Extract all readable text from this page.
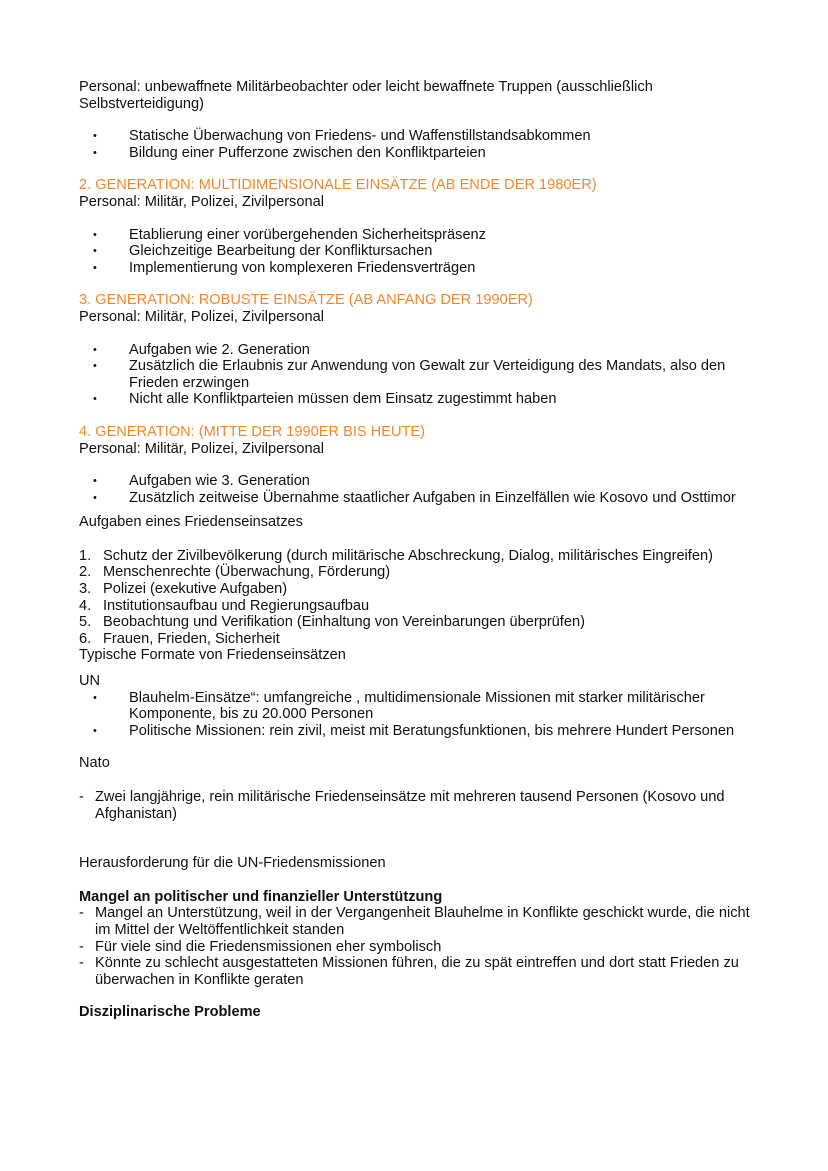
Personal: unbewaffnete Militärbeobachter oder leicht bewaffnete Truppen (ausschließlich Selbstverteidigung)

• Statische Überwachung von Friedens- und Waffenstillstandsabkommen
• Bildung einer Pufferzone zwischen den Konfliktparteien

2. GENERATION: MULTIDIMENSIONALE EINSÄTZE (AB ENDE DER 1980ER)

Personal: Militär, Polizei, Zivilpersonal

• Etablierung einer vorübergehenden Sicherheitspräsenz
• Gleichzeitige Bearbeitung der Konfliktursachen
• Implementierung von komplexeren Friedensverträgen

3. GENERATION: ROBUSTE EINSÄTZE (AB ANFANG DER 1990ER)

Personal: Militär, Polizei, Zivilpersonal

• Aufgaben wie 2. Generation
• Zusätzlich die Erlaubnis zur Anwendung von Gewalt zur Verteidigung des Mandats, also den Frieden erzwingen
• Nicht alle Konfliktparteien müssen dem Einsatz zugestimmt haben

4. GENERATION: (MITTE DER 1990ER BIS HEUTE)

Personal: Militär, Polizei, Zivilpersonal

• Aufgaben wie 3. Generation
• Zusätzlich zeitweise Übernahme staatlicher Aufgaben in Einzelfällen wie Kosovo und Osttimor

Aufgaben eines Friedenseinsatzes

1. Schutz der Zivilbevölkerung (durch militärische Abschreckung, Dialog, militärisches Eingreifen)
2. Menschenrechte (Überwachung, Förderung)
3. Polizei (exekutive Aufgaben)
4. Institutionsaufbau und Regierungsaufbau
5. Beobachtung und Verifikation (Einhaltung von Vereinbarungen überprüfen)
6. Frauen, Frieden, Sicherheit

Typische Formate von Friedenseinsätzen

UN

• Blauhelm-Einsätze“: umfangreiche , multidimensionale Missionen mit starker militärischer Komponente, bis zu 20.000 Personen
• Politische Missionen: rein zivil, meist mit Beratungsfunktionen, bis mehrere Hundert Personen

Nato

- Zwei langjährige, rein militärische Friedenseinsätze mit mehreren tausend Personen (Kosovo und Afghanistan)

Herausforderung für die UN-Friedensmissionen

Mangel an politischer und finanzieller Unterstützung

- Mangel an Unterstützung, weil in der Vergangenheit Blauhelme in Konflikte geschickt wurde, die nicht im Mittel der Weltöffentlichkeit standen
- Für viele sind die Friedensmissionen eher symbolisch
- Könnte zu schlecht ausgestatteten Missionen führen, die zu spät eintreffen und dort statt Frieden zu überwachen in Konflikte geraten

Disziplinarische Probleme
